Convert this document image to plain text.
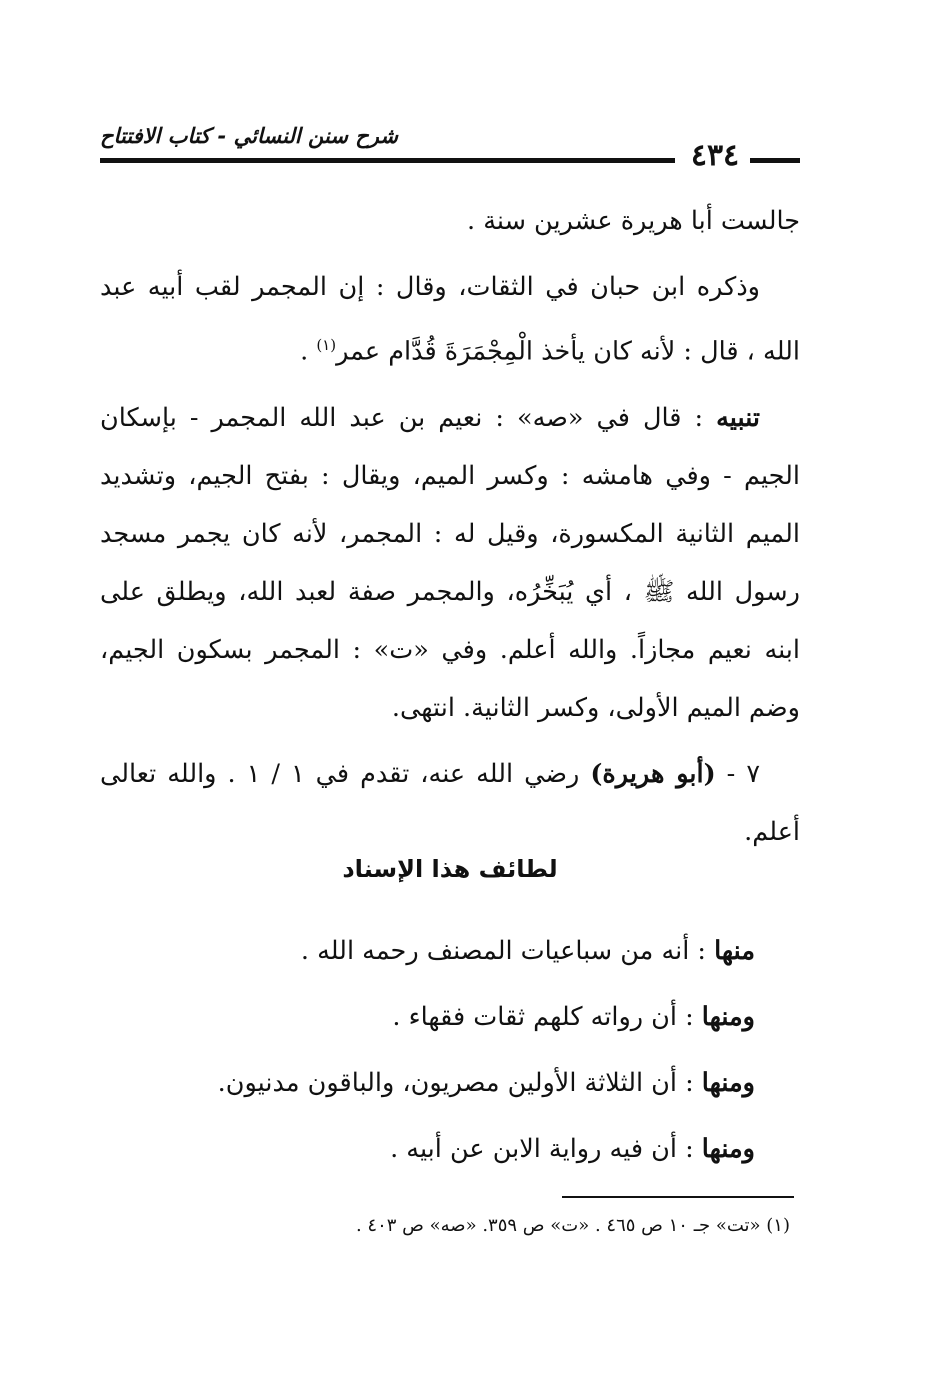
شرح سنن النسائي - كتاب الافتتاح
٤٣٤

جالست أبا هريرة عشرين سنة .

وذكره ابن حبان في الثقات، وقال : إن المجمر لقب أبيه عبد الله ، قال : لأنه كان يأخذ الْمِجْمَرَةَ قُدَّام عمر$^{(١)}$ .

تنبيه : قال في «صه» : نعيم بن عبد الله المجمر - بإسكان الجيم - وفي هامشه : وكسر الميم، ويقال : بفتح الجيم، وتشديد الميم الثانية المكسورة، وقيل له : المجمر، لأنه كان يجمر مسجد رسول الله ﷺ ، أي يُبَخِّرُه، والمجمر صفة لعبد الله، ويطلق على ابنه نعيم مجازاً. والله أعلم. وفي «ت» : المجمر بسكون الجيم، وضم الميم الأولى، وكسر الثانية. انتهى.

٧ - (أبو هريرة) رضي الله عنه، تقدم في ١ / ١ . والله تعالى أعلم.

لطائف هذا الإسناد

منها : أنه من سباعيات المصنف رحمه الله .

ومنها : أن رواته كلهم ثقات فقهاء .

ومنها : أن الثلاثة الأولين مصريون، والباقون مدنيون.

ومنها : أن فيه رواية الابن عن أبيه .

(١) «تت» جـ ١٠ ص ٤٦٥ . «ت» ص ٣٥٩. «صه» ص ٤٠٣ .
